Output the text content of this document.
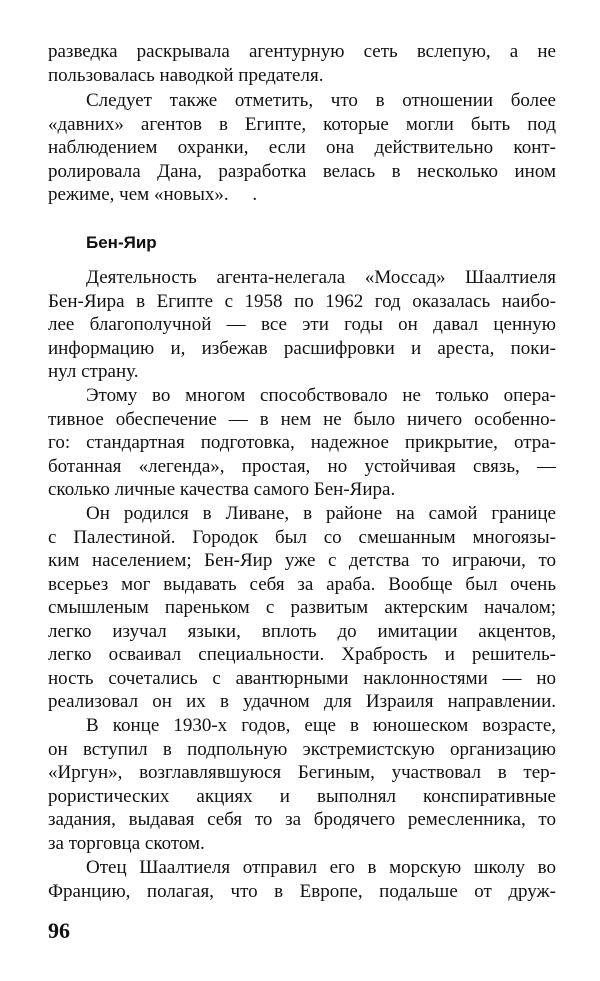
разведка раскрывала агентурную сеть вслепую, а не
пользовалась наводкой предателя.
Следует также отметить, что в отношении более
«давних» агентов в Египте, которые могли быть под
наблюдением охранки, если она действительно конт-
ролировала Дана, разработка велась в несколько ином
режиме, чем «новых».     .
Бен-Яир
Деятельность агента-нелегала «Моссад» Шаалтиеля
Бен-Яира в Египте с 1958 по 1962 год оказалась наибо-
лее благополучной — все эти годы он давал ценную
информацию и, избежав расшифровки и ареста, поки-
нул страну.
Этому во многом способствовало не только опера-
тивное обеспечение — в нем не было ничего особенно-
го: стандартная подготовка, надежное прикрытие, отра-
ботанная «легенда», простая, но устойчивая связь, —
сколько личные качества самого Бен-Яира.
Он родился в Ливане, в районе на самой границе
с Палестиной. Городок был со смешанным многоязы-
ким населением; Бен-Яир уже с детства то играючи, то
всерьез мог выдавать себя за араба. Вообще был очень
смышленым пареньком с развитым актерским началом;
легко изучал языки, вплоть до имитации акцентов,
легко осваивал специальности. Храбрость и решитель-
ность сочетались с авантюрными наклонностями — но
реализовал он их в удачном для Израиля направлении.
В конце 1930-х годов, еще в юношеском возрасте,
он вступил в подпольную экстремистскую организацию
«Иргун», возглавлявшуюся Бегиным, участвовал в тер-
рористических акциях и выполнял конспиративные
задания, выдавая себя то за бродячего ремесленника, то
за торговца скотом.
Отец Шаалтиеля отправил его в морскую школу во
Францию, полагая, что в Европе, подальше от друж-
96
